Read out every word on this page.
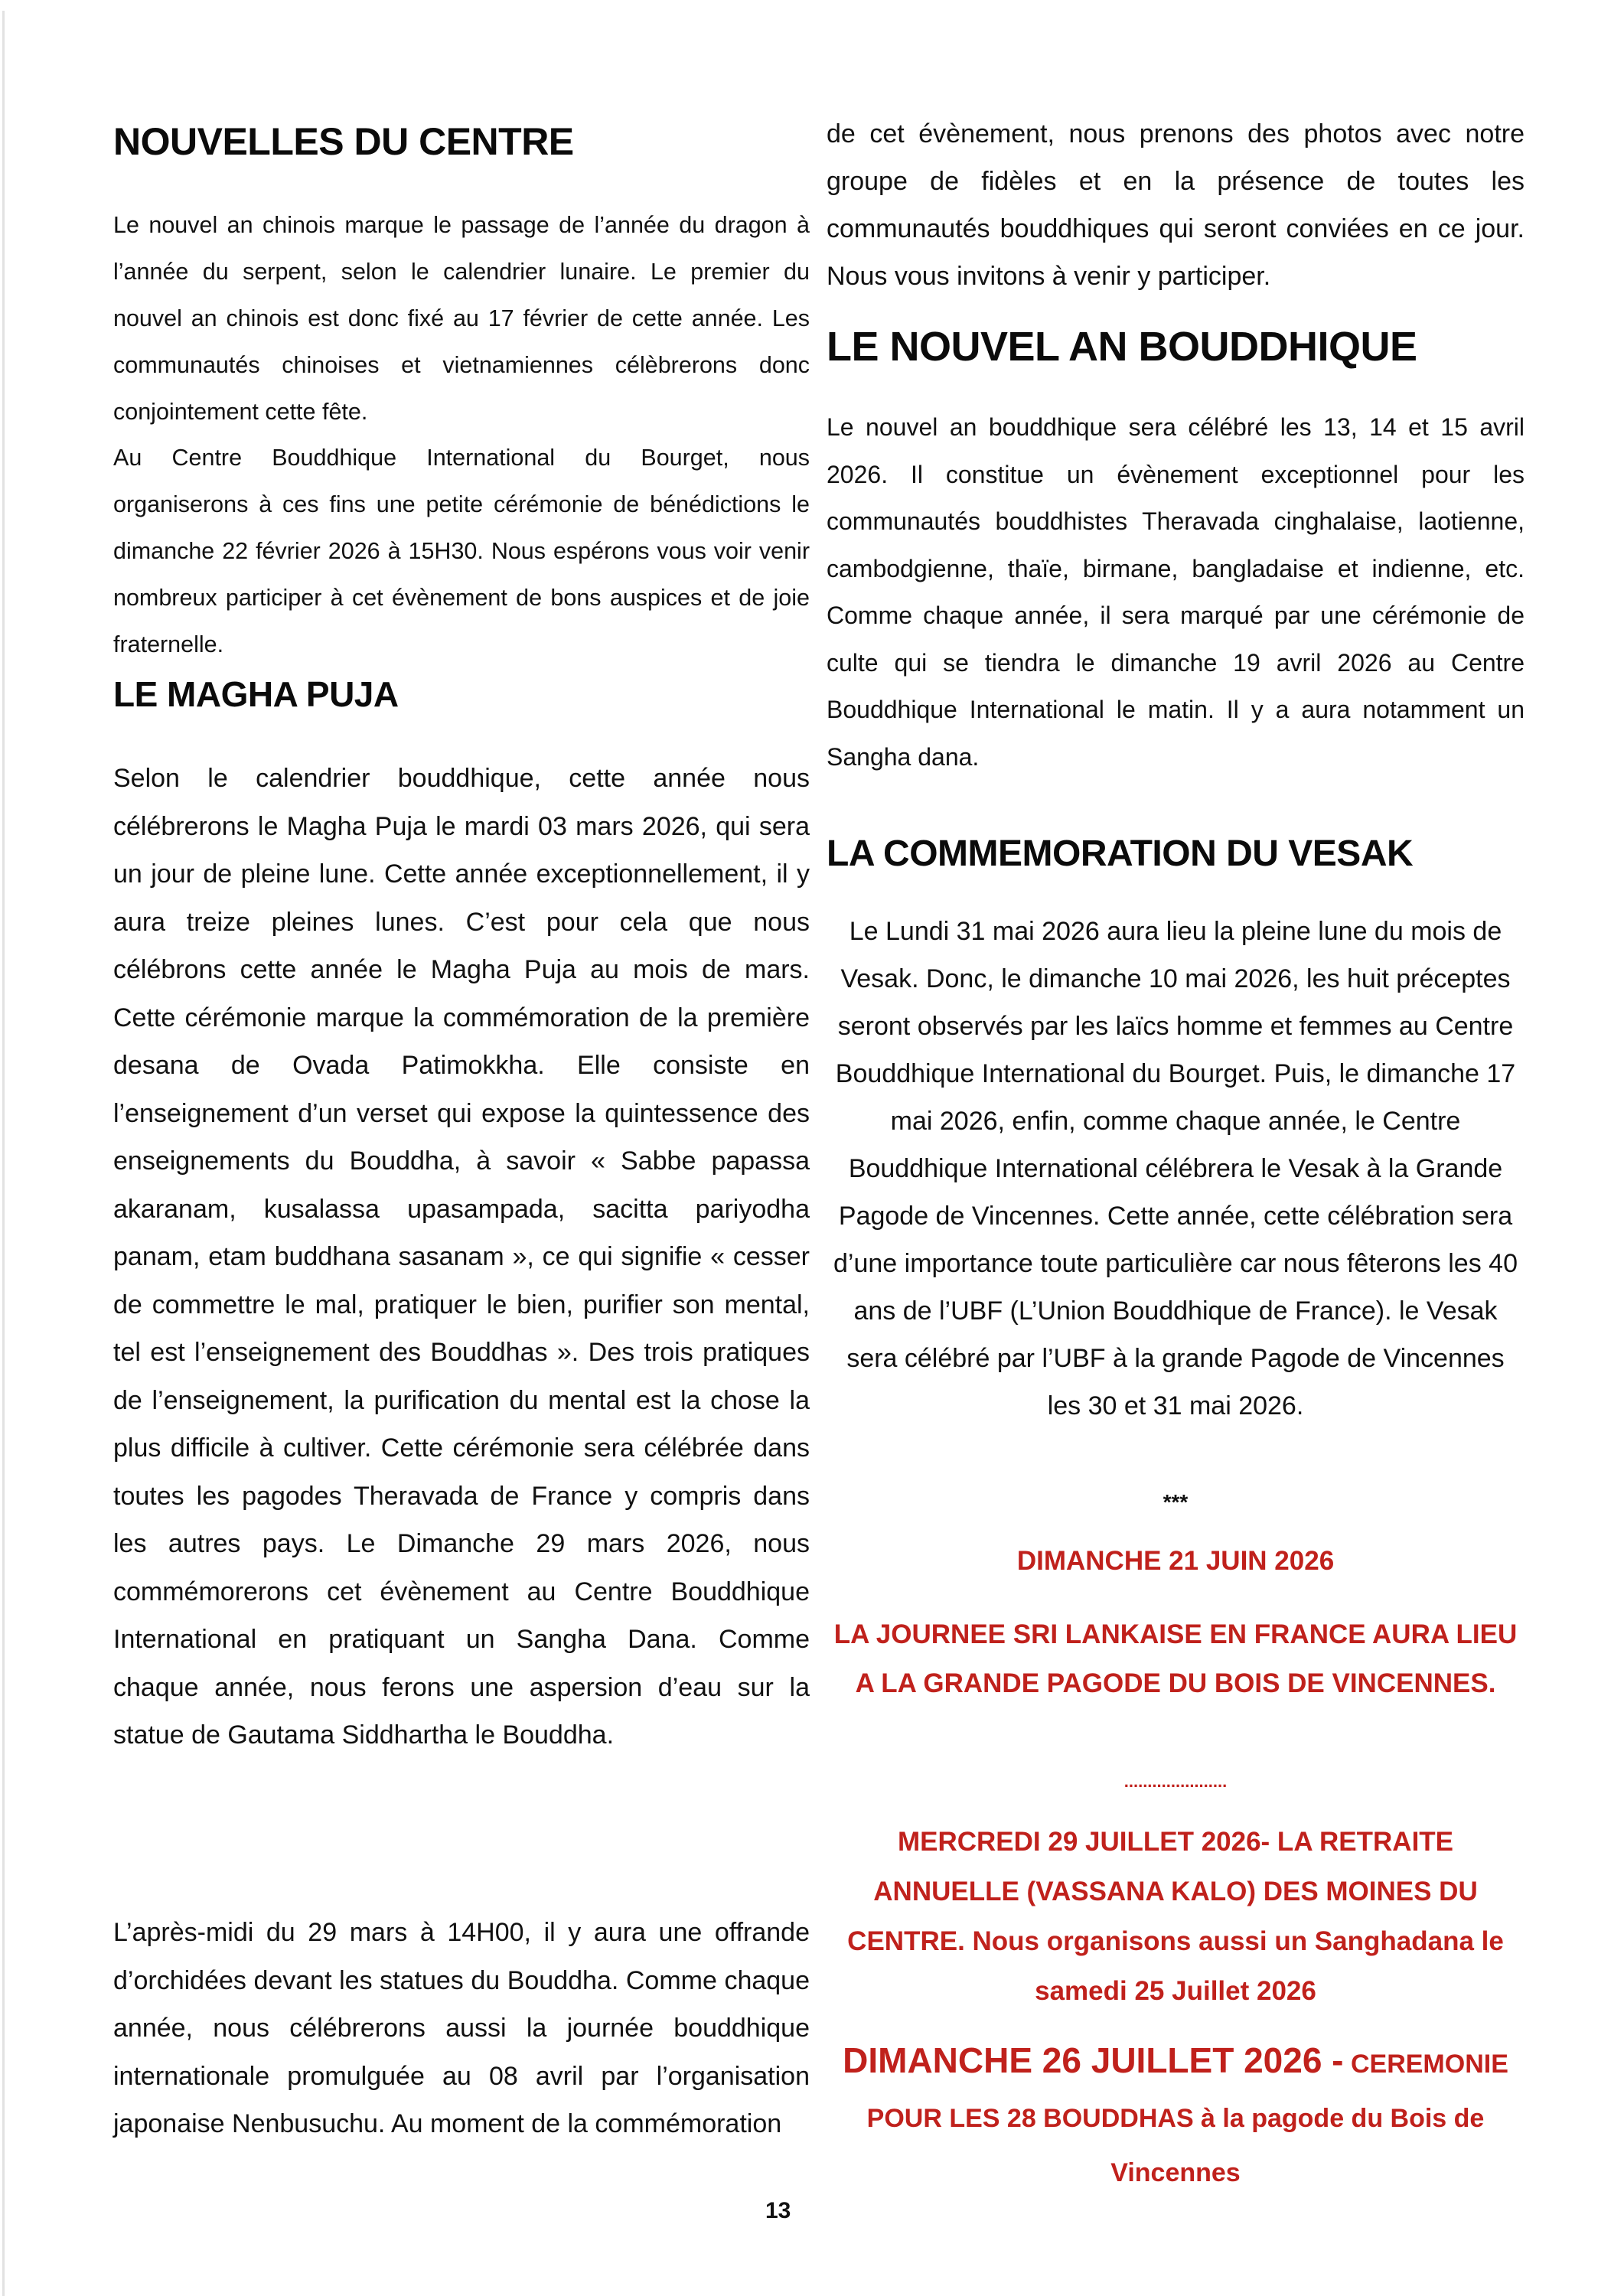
NOUVELLES DU CENTRE

Le nouvel an chinois marque le passage de l’année du dragon à l’année du serpent, selon le calendrier lunaire. Le premier du nouvel an chinois est donc fixé au 17 février de cette année. Les communautés chinoises et vietnamiennes célèbrerons donc conjointement cette fête.

Au Centre Bouddhique International du Bourget, nous organiserons à ces fins une petite cérémonie de bénédictions le dimanche 22 février 2026 à 15H30. Nous espérons vous voir venir nombreux participer à cet évènement de bons auspices et de joie fraternelle.

LE MAGHA PUJA

Selon le calendrier bouddhique, cette année nous célébrerons le Magha Puja le mardi 03 mars 2026, qui sera un jour de pleine lune. Cette année exceptionnellement, il y aura treize pleines lunes. C’est pour cela que nous célébrons cette année le Magha Puja au mois de mars. Cette cérémonie marque la commémoration de la première desana de Ovada Patimokkha. Elle consiste en l’enseignement d’un verset qui expose la quintessence des enseignements du Bouddha, à savoir « Sabbe papassa akaranam, kusalassa upasampada, sacitta pariyodha panam, etam buddhana sasanam », ce qui signifie « cesser de commettre le mal, pratiquer le bien, purifier son mental, tel est l’enseignement des Bouddhas ». Des trois pratiques de l’enseignement, la purification du mental est la chose la plus difficile à cultiver. Cette cérémonie sera célébrée dans toutes les pagodes Theravada de France y compris dans les autres pays. Le Dimanche 29 mars 2026, nous commémorerons cet évènement au Centre Bouddhique International en pratiquant un Sangha Dana. Comme chaque année, nous ferons une aspersion d’eau sur la statue de Gautama Siddhartha le Bouddha.

L’après-midi du 29 mars à 14H00, il y aura une offrande d’orchidées devant les statues du Bouddha. Comme chaque année, nous célébrerons aussi la journée bouddhique internationale promulguée au 08 avril par l’organisation japonaise Nenbusuchu. Au moment de la commémoration

de cet évènement, nous prenons des photos avec notre groupe de fidèles et en la présence de toutes les communautés bouddhiques qui seront conviées en ce jour. Nous vous invitons à venir y participer.

LE NOUVEL AN BOUDDHIQUE

Le nouvel an bouddhique sera célébré les 13, 14 et 15 avril 2026. Il constitue un évènement exceptionnel pour les communautés bouddhistes Theravada cinghalaise, laotienne, cambodgienne, thaïe, birmane, bangladaise et indienne, etc. Comme chaque année, il sera marqué par une cérémonie de culte qui se tiendra le dimanche 19 avril 2026 au Centre Bouddhique International le matin. Il y a aura notamment un Sangha dana.

LA COMMEMORATION DU VESAK

Le Lundi 31 mai 2026 aura lieu la pleine lune du mois de Vesak. Donc, le dimanche 10 mai 2026, les huit préceptes seront observés par les laïcs homme et femmes au Centre Bouddhique International du Bourget. Puis, le dimanche 17 mai 2026, enfin, comme chaque année, le Centre Bouddhique International célébrera le Vesak à la Grande Pagode de Vincennes. Cette année, cette célébration sera d’une importance toute particulière car nous fêterons les 40 ans de l’UBF (L’Union Bouddhique de France). le Vesak sera célébré par l’UBF à la grande Pagode de Vincennes les 30 et 31 mai 2026.

***
DIMANCHE 21 JUIN 2026
LA JOURNEE SRI LANKAISE EN FRANCE AURA LIEU A LA GRANDE PAGODE DU BOIS DE VINCENNES.
......................
MERCREDI 29 JUILLET 2026- LA RETRAITE ANNUELLE (VASSANA KALO) DES MOINES DU CENTRE. Nous organisons aussi un Sanghadana le samedi 25 Juillet 2026
DIMANCHE 26 JUILLET 2026 - CEREMONIE POUR LES 28 BOUDDHAS à la pagode du Bois de Vincennes
13
